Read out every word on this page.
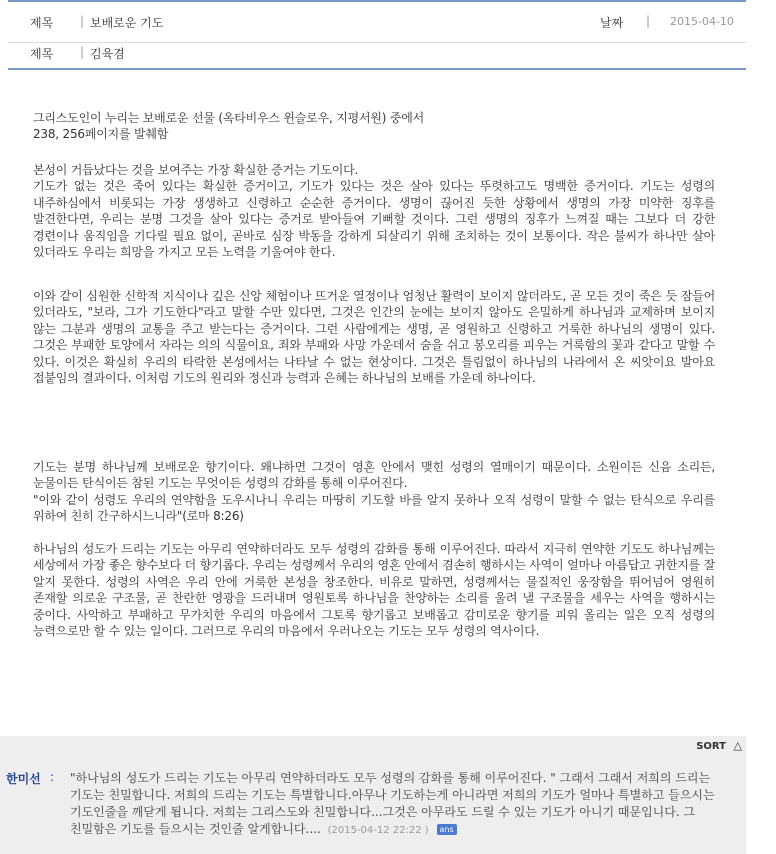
제목 | 보배로운 기도	날짜 | 2015-04-10
제목 | 김육겸

그리스도인이 누리는 보배로운 선물 (옥타비우스 윈슬로우, 지평서원) 중에서
238, 256페이지를 발췌함

본성이 거듭났다는 것을 보여주는 가장 확실한 증거는 기도이다.
기도가 없는 것은 죽어 있다는 확실한 증거이고, 기도가 있다는 것은 살아 있다는 뚜렷하고도 명백한 증거이다. 기도는 성령의 내주하심에서 비롯되는 가장 생생하고 신령하고 순순한 증거이다. 생명이 끊어진 듯한 상황에서 생명의 가장 미약한 징후를 발견한다면, 우리는 분명 그것을 살아 있다는 증거로 받아들여 기뻐할 것이다. 그런 생명의 징후가 느껴질 때는 그보다 더 강한 경련이나 움직임을 기다릴 필요 없이, 곧바로 심장 박동을 강하게 되살리기 위해 조치하는 것이 보통이다. 작은 불씨가 하나만 살아 있더라도 우리는 희망을 가지고 모든 노력을 기울여야 한다.

이와 같이 심원한 신학적 지식이나 깊은 신앙 체험이나 뜨거운 열정이나 엄청난 활력이 보이지 않더라도, 곧 모든 것이 죽은 듯 잠들어 있더라도, "보라, 그가 기도한다"라고 말할 수만 있다면, 그것은 인간의 눈에는 보이지 않아도 은밀하게 하나님과 교제하며 보이지 않는 그분과 생명의 교통을 주고 받는다는 증거이다. 그런 사람에게는 생명, 곧 영원하고 신령하고 거룩한 하나님의 생명이 있다. 그것은 부패한 토양에서 자라는 의의 식물이요, 죄와 부패와 사망 가운데서 숨을 쉬고 봉오리를 피우는 거룩함의 꽃과 같다고 말할 수 있다. 이것은 확실히 우리의 타락한 본성에서는 나타날 수 없는 현상이다. 그것은 틀림없이 하나님의 나라에서 온 씨앗이요 발아요 접붙임의 결과이다. 이처럼 기도의 원리와 정신과 능력과 은혜는 하나님의 보배를 가운데 하나이다.

기도는 분명 하나님께 보배로운 향기이다. 왜냐하면 그것이 영혼 안에서 맺힌 성령의 열매이기 때문이다. 소원이든 신음 소리든, 눈물이든 탄식이든 참된 기도는 무엇이든 성령의 감화를 통해 이루어진다.
"이와 같이 성령도 우리의 연약함을 도우시나니 우리는 마땅히 기도할 바를 알지 못하나 오직 성령이 말할 수 없는 탄식으로 우리를 위하여 친히 간구하시느니라"(로마 8:26)

하나님의 성도가 드리는 기도는 아무리 연약하더라도 모두 성령의 감화를 통해 이루어진다. 따라서 지극히 연약한 기도도 하나님께는 세상에서 가장 좋은 향수보다 더 향기롭다. 우리는 성령께서 우리의 영혼 안에서 겸손히 행하시는 사역이 얼마나 아름답고 귀한지를 잘 알지 못한다. 성령의 사역은 우리 안에 거룩한 본성을 창조한다. 비유로 말하면, 성령께서는 물질적인 웅장함을 뛰어넘어 영원히 존재할 의로운 구조물, 곧 찬란한 영광을 드러내며 영원토록 하나님을 찬양하는 소리를 울려 낼 구조물을 세우는 사역을 행하시는 중이다. 사악하고 부패하고 무가치한 우리의 마음에서 그토록 향기롭고 보배롭고 감미로운 향기를 피워 올리는 일은 오직 성령의 능력으로만 할 수 있는 일이다. 그러므로 우리의 마음에서 우러나오는 기도는 모두 성령의 역사이다.

SORT △
한미선 : "하나님의 성도가 드리는 기도는 아무리 연약하더라도 모두 성령의 감화를 통해 이루어진다. " 그래서 그래서 저희의 드리는 기도는 친밀합니다. 저희의 드리는 기도는 특별합니다.아무나 기도하는게 아니라면 저희의 기도가 얼마나 특별하고 들으시는 기도인줄을 깨닫게 됩니다. 저희는 그리스도와 친밀합니다...그것은 아무라도 드릴 수 있는 기도가 아니기 때문입니다. 그 친밀함은 기도를 들으시는 것인줄 알게합니다.... (2015-04-12 22:22 ) ans
